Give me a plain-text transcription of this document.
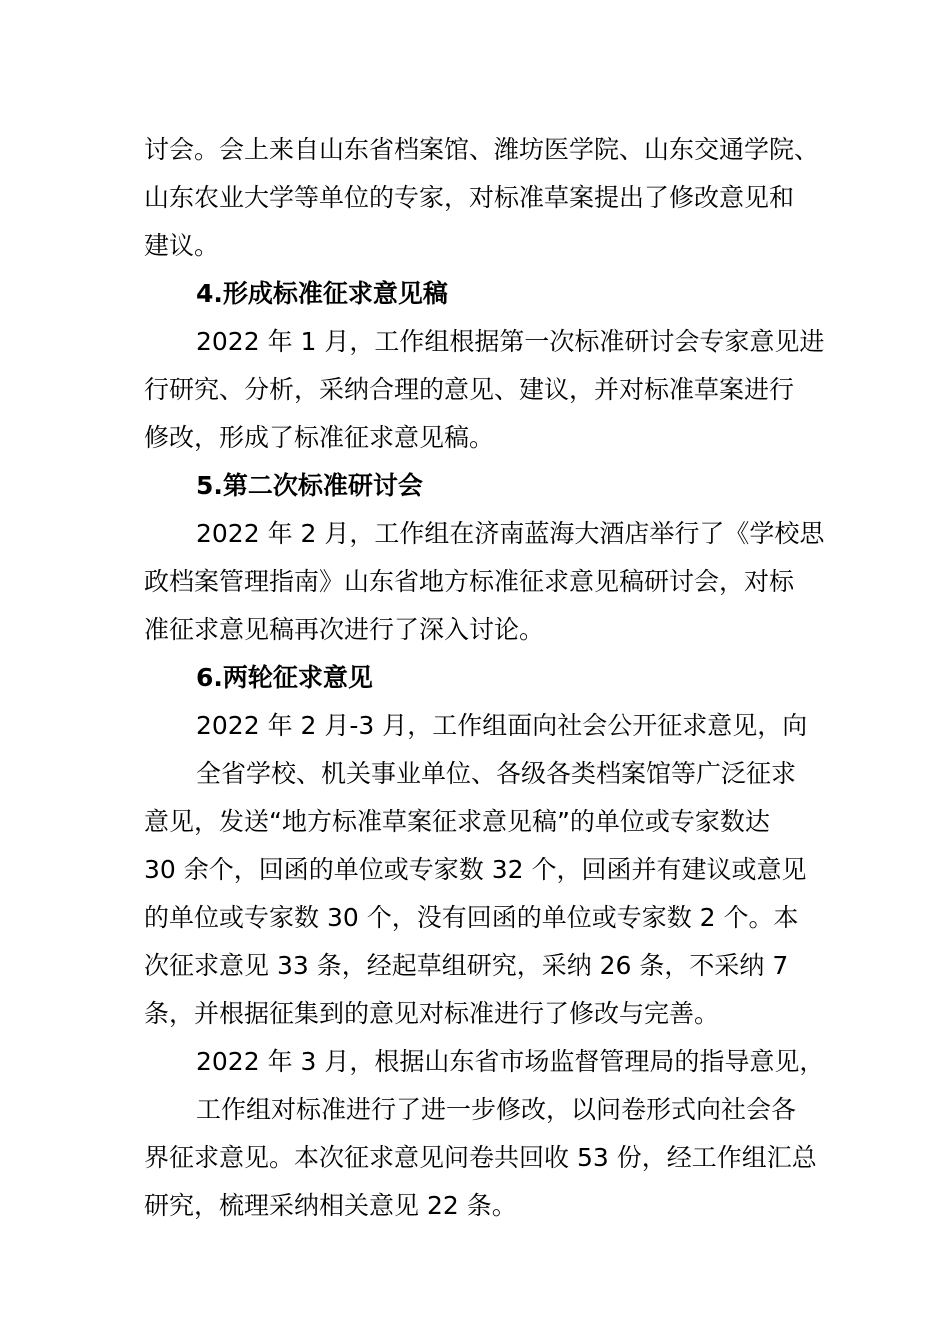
讨会。会上来自山东省档案馆、潍坊医学院、山东交通学院、
山东农业大学等单位的专家，对标准草案提出了修改意见和
建议。
4.形成标准征求意见稿
2022 年 1 月，工作组根据第一次标准研讨会专家意见进
行研究、分析，采纳合理的意见、建议，并对标准草案进行
修改，形成了标准征求意见稿。
5.第二次标准研讨会
2022 年 2 月，工作组在济南蓝海大酒店举行了《学校思
政档案管理指南》山东省地方标准征求意见稿研讨会，对标
准征求意见稿再次进行了深入讨论。
6.两轮征求意见
2022 年 2 月-3 月，工作组面向社会公开征求意见，向
全省学校、机关事业单位、各级各类档案馆等广泛征求
意见，发送“地方标准草案征求意见稿”的单位或专家数达
30 余个，回函的单位或专家数 32 个，回函并有建议或意见
的单位或专家数 30 个，没有回函的单位或专家数 2 个。本
次征求意见 33 条，经起草组研究，采纳 26 条，不采纳 7
条，并根据征集到的意见对标准进行了修改与完善。
2022 年 3 月，根据山东省市场监督管理局的指导意见，
工作组对标准进行了进一步修改，以问卷形式向社会各
界征求意见。本次征求意见问卷共回收 53 份，经工作组汇总
研究，梳理采纳相关意见 22 条。
